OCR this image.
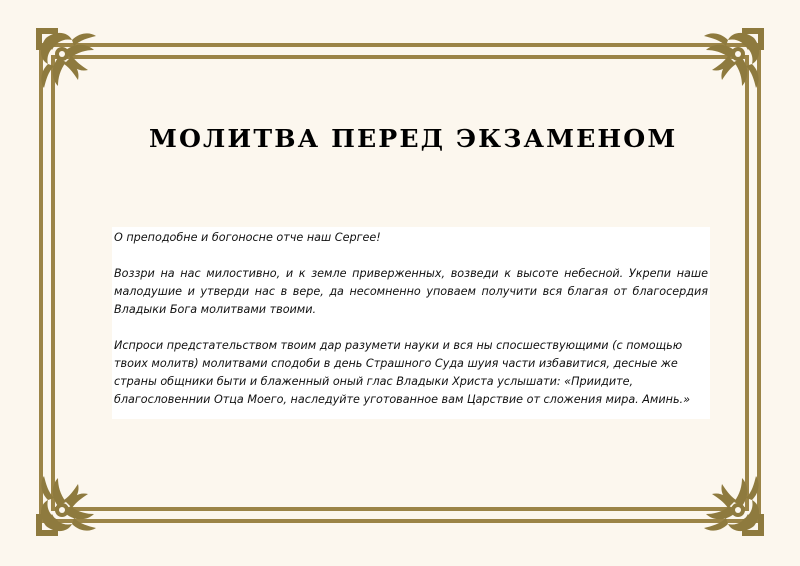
МОЛИТВА ПЕРЕД ЭКЗАМЕНОМ

О преподобне и богоносне отче наш Сергее!

Воззри на нас милостивно, и к земле приверженных, возведи к высоте небесной. Укрепи наше малодушие и утверди нас в вере, да несомненно уповаем получити вся благая от благосердия Владыки Бога молитвами твоими.

Испроси предстательством твоим дар разумети науки и вся ны спосшествующими (с помощью твоих молитв) молитвами сподоби в день Страшного Суда шуия части избавитися, десные же страны общники быти и блаженный оный глас Владыки Христа услышати: «Приидите, благословеннии Отца Моего, наследуйте уготованное вам Царствие от сложения мира. Аминь.»
